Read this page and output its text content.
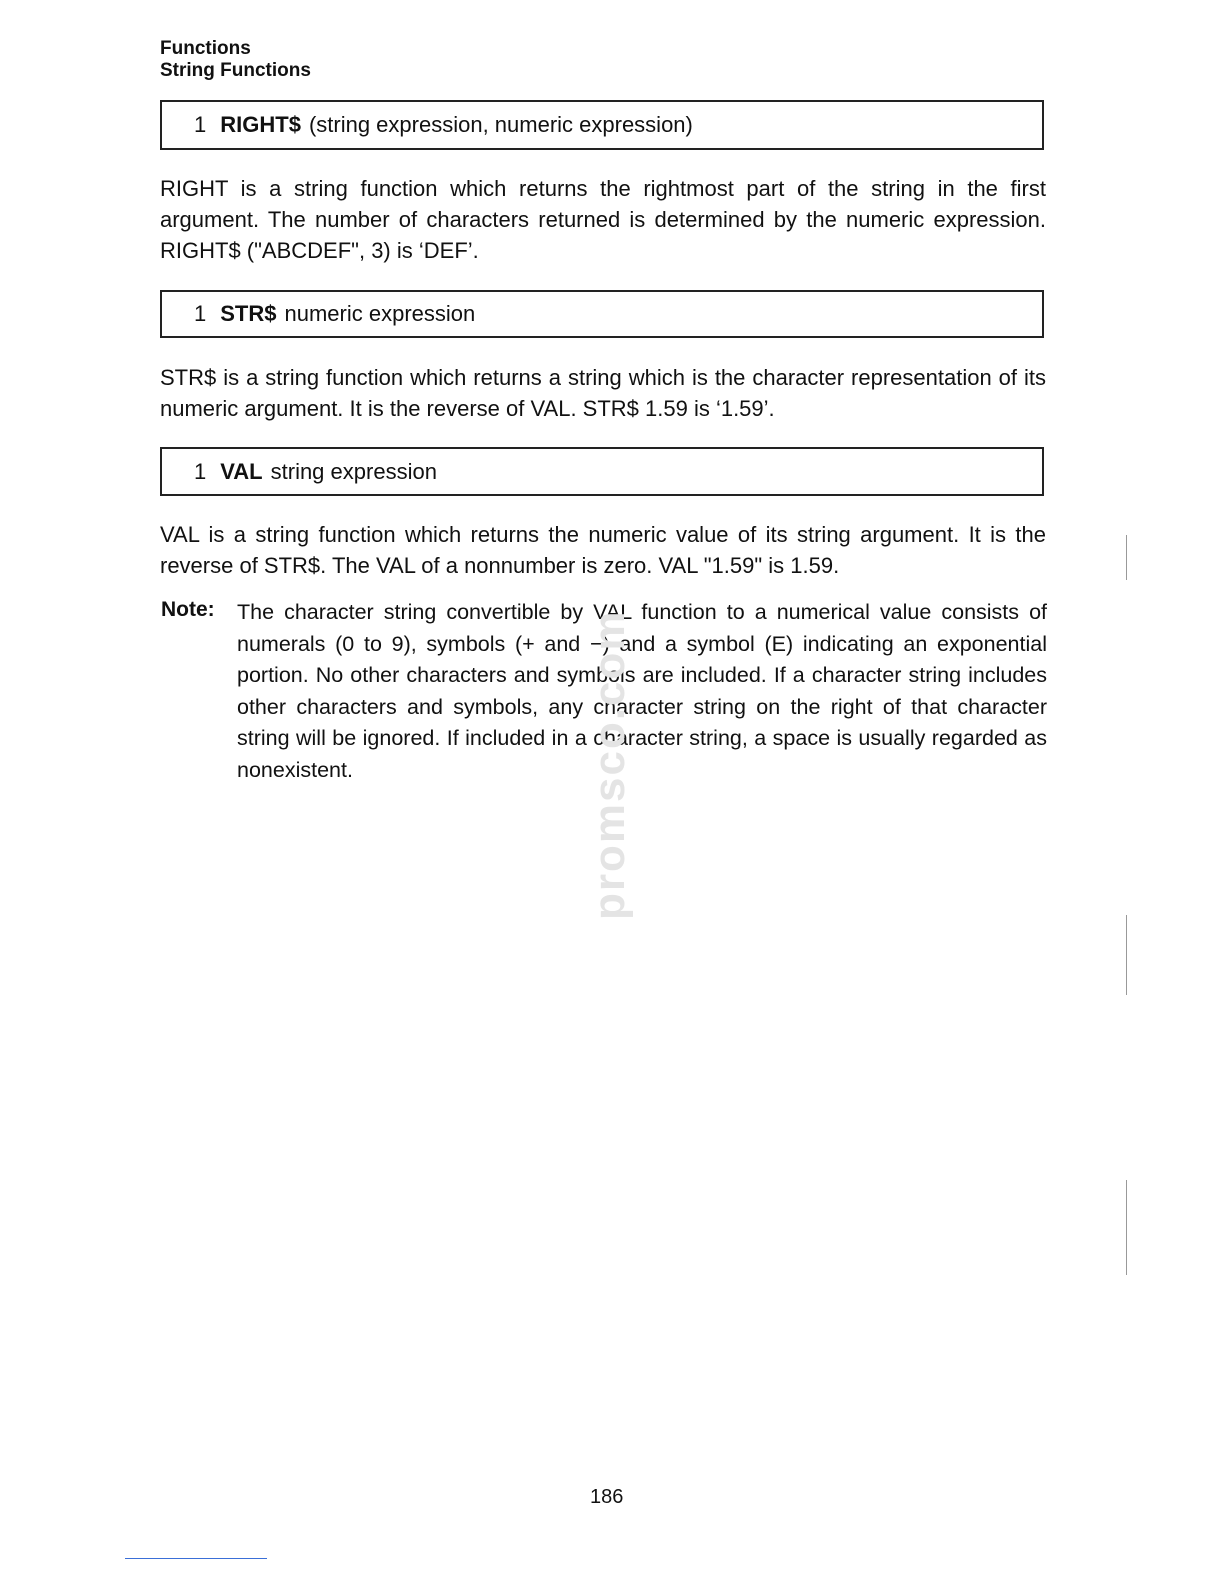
Functions
String Functions
1 RIGHT$ (string expression, numeric expression)
RIGHT is a string function which returns the rightmost part of the string in the first argument. The number of characters returned is determined by the numeric expression. RIGHT$ ("ABCDEF", 3) is ‘DEF’.
1 STR$ numeric expression
STR$ is a string function which returns a string which is the character representation of its numeric argument. It is the reverse of VAL. STR$ 1.59 is ‘1.59’.
1 VAL string expression
VAL is a string function which returns the numeric value of its string argument. It is the reverse of STR$. The VAL of a nonnumber is zero. VAL "1.59" is 1.59.
Note: The character string convertible by VAL function to a numerical value consists of numerals (0 to 9), symbols (+ and −) and a symbol (E) indicating an exponential portion. No other characters and symbols are included. If a character string includes other characters and symbols, any character string on the right of that character string will be ignored. If included in a character string, a space is usually regarded as nonexistent.	promsco.com
186
